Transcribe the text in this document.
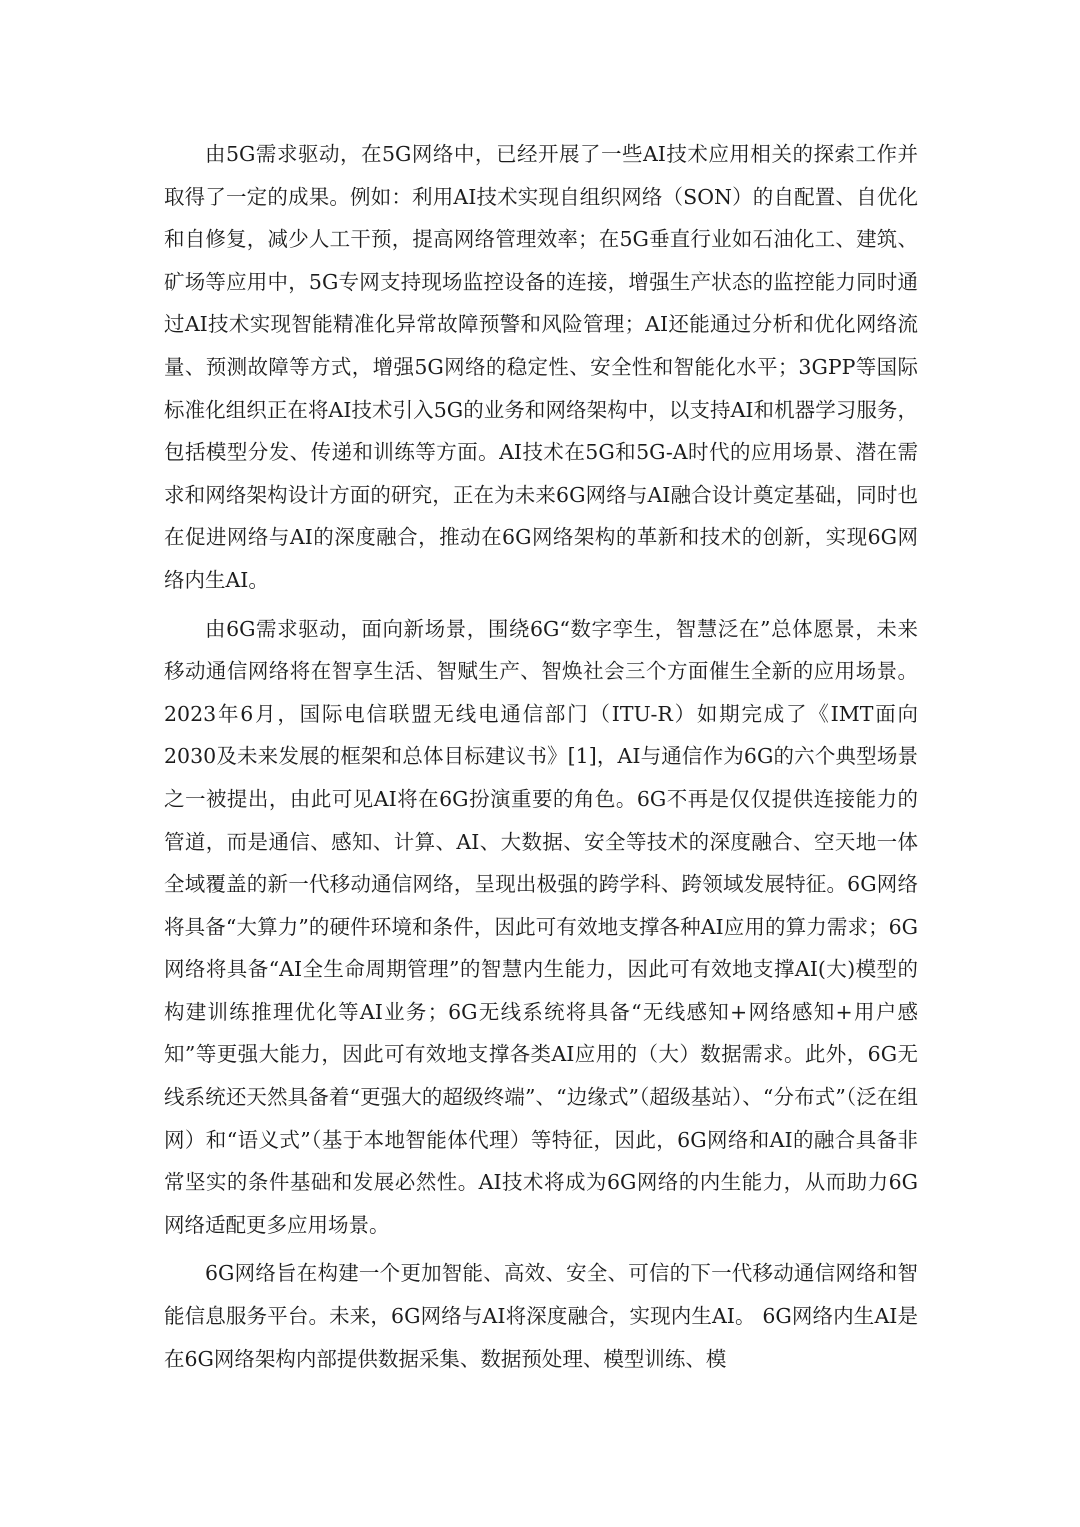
由5G需求驱动，在5G网络中，已经开展了一些AI技术应用相关的探索工作并取得了一定的成果。例如：利用AI技术实现自组织网络（SON）的自配置、自优化和自修复，减少人工干预，提高网络管理效率；在5G垂直行业如石油化工、建筑、矿场等应用中，5G专网支持现场监控设备的连接，增强生产状态的监控能力同时通过AI技术实现智能精准化异常故障预警和风险管理；AI还能通过分析和优化网络流量、预测故障等方式，增强5G网络的稳定性、安全性和智能化水平；3GPP等国际标准化组织正在将AI技术引入5G的业务和网络架构中，以支持AI和机器学习服务，包括模型分发、传递和训练等方面。AI技术在5G和5G-A时代的应用场景、潜在需求和网络架构设计方面的研究，正在为未来6G网络与AI融合设计奠定基础，同时也在促进网络与AI的深度融合，推动在6G网络架构的革新和技术的创新，实现6G网络内生AI。

由6G需求驱动，面向新场景，围绕6G“数字孪生，智慧泛在”总体愿景，未来移动通信网络将在智享生活、智赋生产、智焕社会三个方面催生全新的应用场景。2023年6月，国际电信联盟无线电通信部门（ITU-R）如期完成了《IMT面向2030及未来发展的框架和总体目标建议书》[1]，AI与通信作为6G的六个典型场景之一被提出，由此可见AI将在6G扮演重要的角色。6G不再是仅仅提供连接能力的管道，而是通信、感知、计算、AI、大数据、安全等技术的深度融合、空天地一体全域覆盖的新一代移动通信网络，呈现出极强的跨学科、跨领域发展特征。6G网络将具备“大算力”的硬件环境和条件，因此可有效地支撑各种AI应用的算力需求；6G网络将具备“AI全生命周期管理”的智慧内生能力，因此可有效地支撑AI(大)模型的构建训练推理优化等AI业务；6G无线系统将具备“无线感知+网络感知+用户感知”等更强大能力，因此可有效地支撑各类AI应用的（大）数据需求。此外，6G无线系统还天然具备着“更强大的超级终端”、“边缘式”（超级基站）、“分布式”（泛在组网）和“语义式”（基于本地智能体代理）等特征，因此，6G网络和AI的融合具备非常坚实的条件基础和发展必然性。AI技术将成为6G网络的内生能力，从而助力6G网络适配更多应用场景。

6G网络旨在构建一个更加智能、高效、安全、可信的下一代移动通信网络和智能信息服务平台。未来，6G网络与AI将深度融合，实现内生AI。 6G网络内生AI是在6G网络架构内部提供数据采集、数据预处理、模型训练、模
